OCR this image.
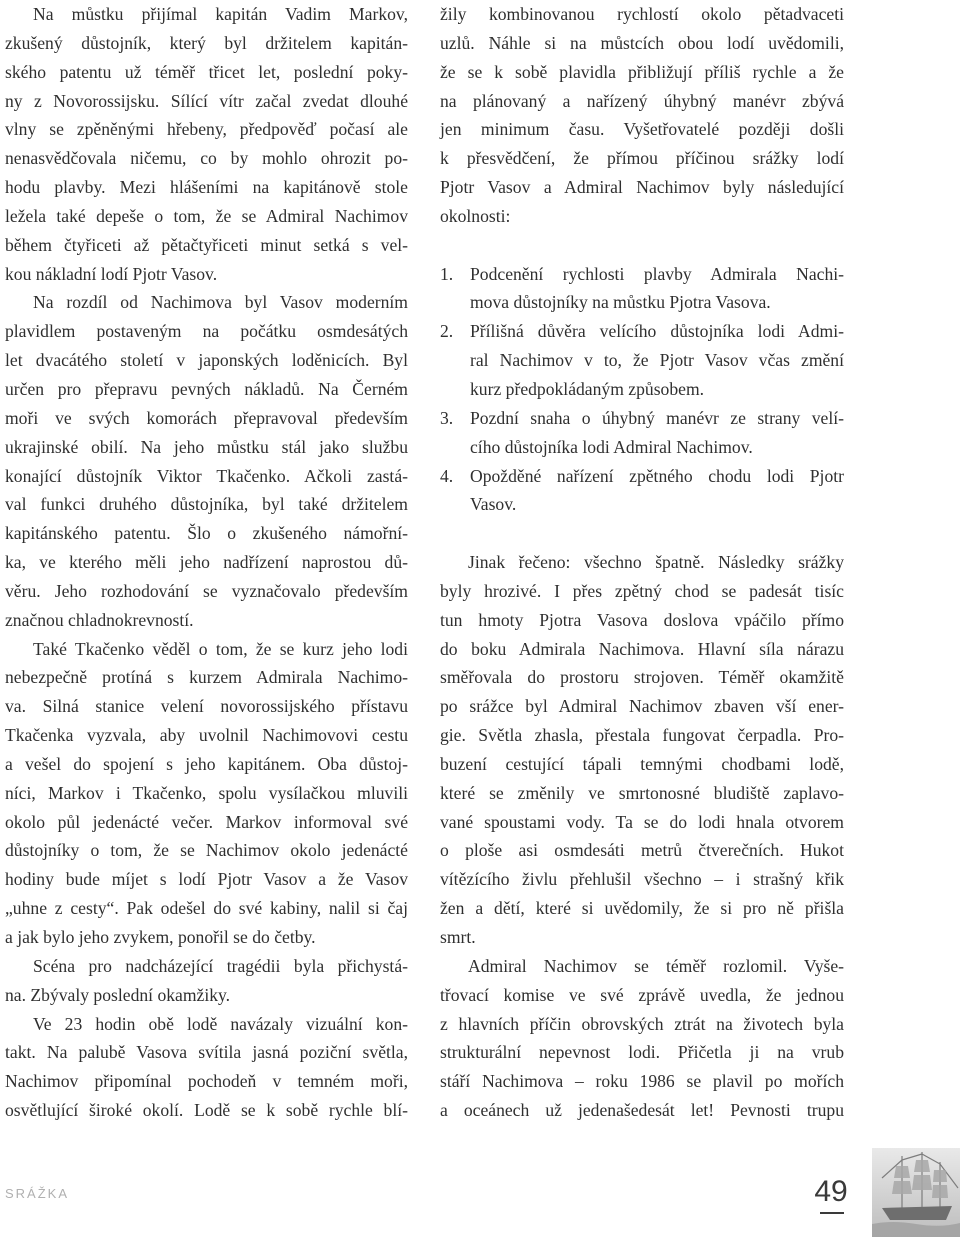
Na můstku přijímal kapitán Vadim Markov,
zkušený důstojník, který byl držitelem kapitán-
ského patentu už téměř třicet let, poslední poky-
ny z Novorossijsku. Sílící vítr začal zvedat dlouhé
vlny se zpěněnými hřebeny, předpověď počasí ale
nenasvědčovala ničemu, co by mohlo ohrozit po-
hodu plavby. Mezi hlášeními na kapitánově stole
ležela také depeše o tom, že se Admiral Nachimov
během čtyřiceti až pětačtyřiceti minut setká s vel-
kou nákladní lodí Pjotr Vasov.
Na rozdíl od Nachimova byl Vasov moderním
plavidlem postaveným na počátku osmdesátých
let dvacátého století v japonských loděnicích. Byl
určen pro přepravu pevných nákladů. Na Černém
moři ve svých komorách přepravoval především
ukrajinské obilí. Na jeho můstku stál jako službu
konající důstojník Viktor Tkačenko. Ačkoli zastá-
val funkci druhého důstojníka, byl také držitelem
kapitánského patentu. Šlo o zkušeného námořní-
ka, ve kterého měli jeho nadřízení naprostou dů-
věru. Jeho rozhodování se vyznačovalo především
značnou chladnokrevností.
Také Tkačenko věděl o tom, že se kurz jeho lodi
nebezpečně protíná s kurzem Admirala Nachimo-
va. Silná stanice velení novorossijského přístavu
Tkačenka vyzvala, aby uvolnil Nachimovovi cestu
a vešel do spojení s jeho kapitánem. Oba důstoj-
níci, Markov i Tkačenko, spolu vysílačkou mluvili
okolo půl jedenácté večer. Markov informoval své
důstojníky o tom, že se Nachimov okolo jedenácté
hodiny bude míjet s lodí Pjotr Vasov a že Vasov
„uhne z cesty“. Pak odešel do své kabiny, nalil si čaj
a jak bylo jeho zvykem, ponořil se do četby.
Scéna pro nadcházející tragédii byla přichystá-
na. Zbývaly poslední okamžiky.
Ve 23 hodin obě lodě navázaly vizuální kon-
takt. Na palubě Vasova svítila jasná poziční světla,
Nachimov připomínal pochodeň v temném moři,
osvětlující široké okolí. Lodě se k sobě rychle blí-
žily kombinovanou rychlostí okolo pětadvaceti
uzlů. Náhle si na můstcích obou lodí uvědomili,
že se k sobě plavidla přibližují příliš rychle a že
na plánovaný a nařízený úhybný manévr zbývá
jen minimum času. Vyšetřovatelé později došli
k přesvědčení, že přímou příčinou srážky lodí
Pjotr Vasov a Admiral Nachimov byly následující
okolnosti:
1. Podcenění rychlosti plavby Admirala Nachi-
mova důstojníky na můstku Pjotra Vasova.
2. Přílišná důvěra velícího důstojníka lodi Admi-
ral Nachimov v to, že Pjotr Vasov včas změní
kurz předpokládaným způsobem.
3. Pozdní snaha o úhybný manévr ze strany velí-
cího důstojníka lodi Admiral Nachimov.
4. Opožděné nařízení zpětného chodu lodi Pjotr
Vasov.
Jinak řečeno: všechno špatně. Následky srážky
byly hrozivé. I přes zpětný chod se padesát tisíc
tun hmoty Pjotra Vasova doslova vpáčilo přímo
do boku Admirala Nachimova. Hlavní síla nárazu
směřovala do prostoru strojoven. Téměř okamžitě
po srážce byl Admiral Nachimov zbaven vší ener-
gie. Světla zhasla, přestala fungovat čerpadla. Pro-
buzení cestující tápali temnými chodbami lodě,
které se změnily ve smrtonosné bludiště zaplavo-
vané spoustami vody. Ta se do lodi hnala otvorem
o ploše asi osmdesáti metrů čtverečních. Hukot
vítězícího živlu přehlušil všechno – i strašný křik
žen a dětí, které si uvědomily, že si pro ně přišla
smrt.
Admiral Nachimov se téměř rozlomil. Vyše-
třovací komise ve své zprávě uvedla, že jednou
z hlavních příčin obrovských ztrát na životech byla
strukturální nepevnost lodi. Přičetla ji na vrub
stáří Nachimova – roku 1986 se plavil po mořích
a oceánech už jedenašedesát let! Pevnosti trupu
SRÁŽKA	49
